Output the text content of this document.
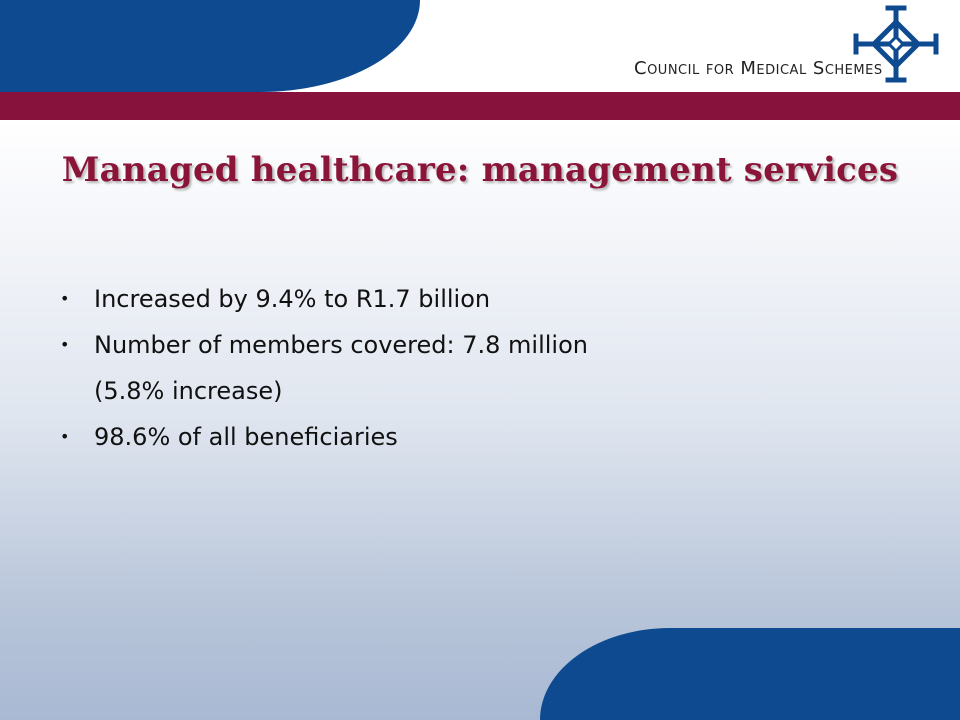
Council for Medical Schemes
Managed healthcare: management services
• Increased by 9.4% to R1.7 billion
• Number of members covered: 7.8 million
(5.8% increase)
• 98.6% of all beneficiaries
